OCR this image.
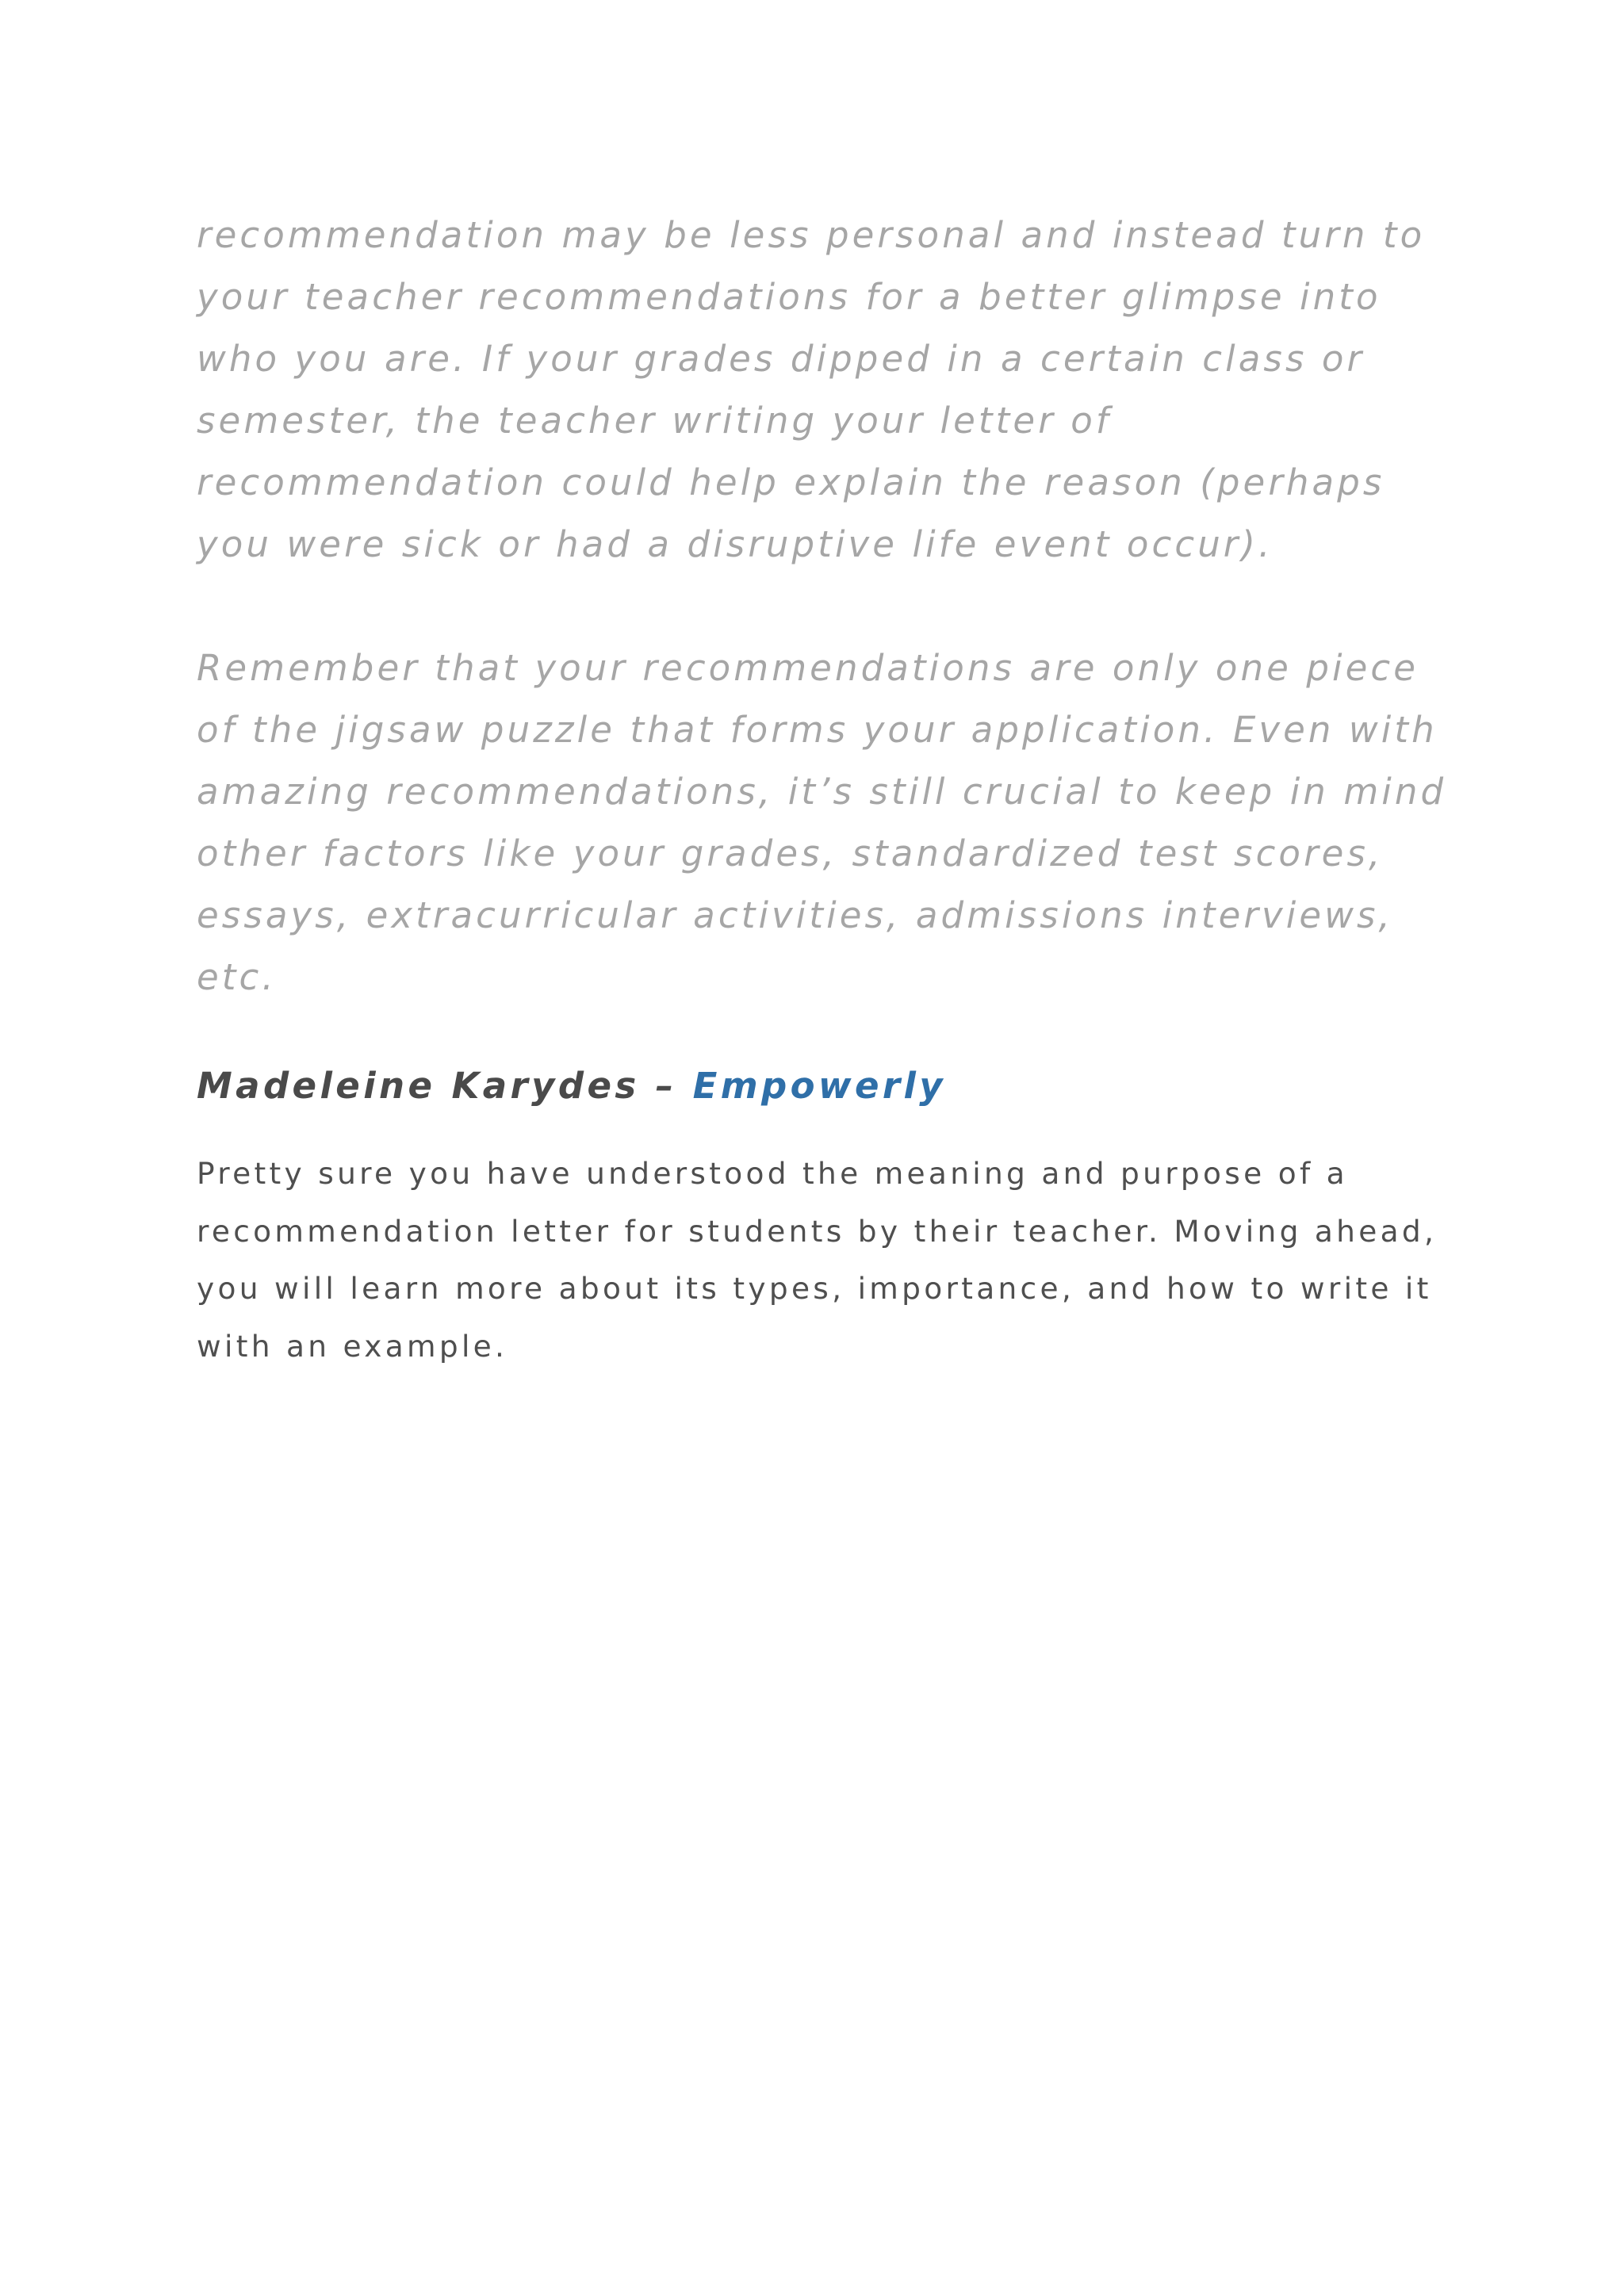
recommendation may be less personal and instead turn to your teacher recommendations for a better glimpse into who you are. If your grades dipped in a certain class or semester, the teacher writing your letter of recommendation could help explain the reason (perhaps you were sick or had a disruptive life event occur).

Remember that your recommendations are only one piece of the jigsaw puzzle that forms your application. Even with amazing recommendations, it’s still crucial to keep in mind other factors like your grades, standardized test scores, essays, extracurricular activities, admissions interviews, etc.

Madeleine Karydes – Empowerly

Pretty sure you have understood the meaning and purpose of a recommendation letter for students by their teacher. Moving ahead, you will learn more about its types, importance, and how to write it with an example.
